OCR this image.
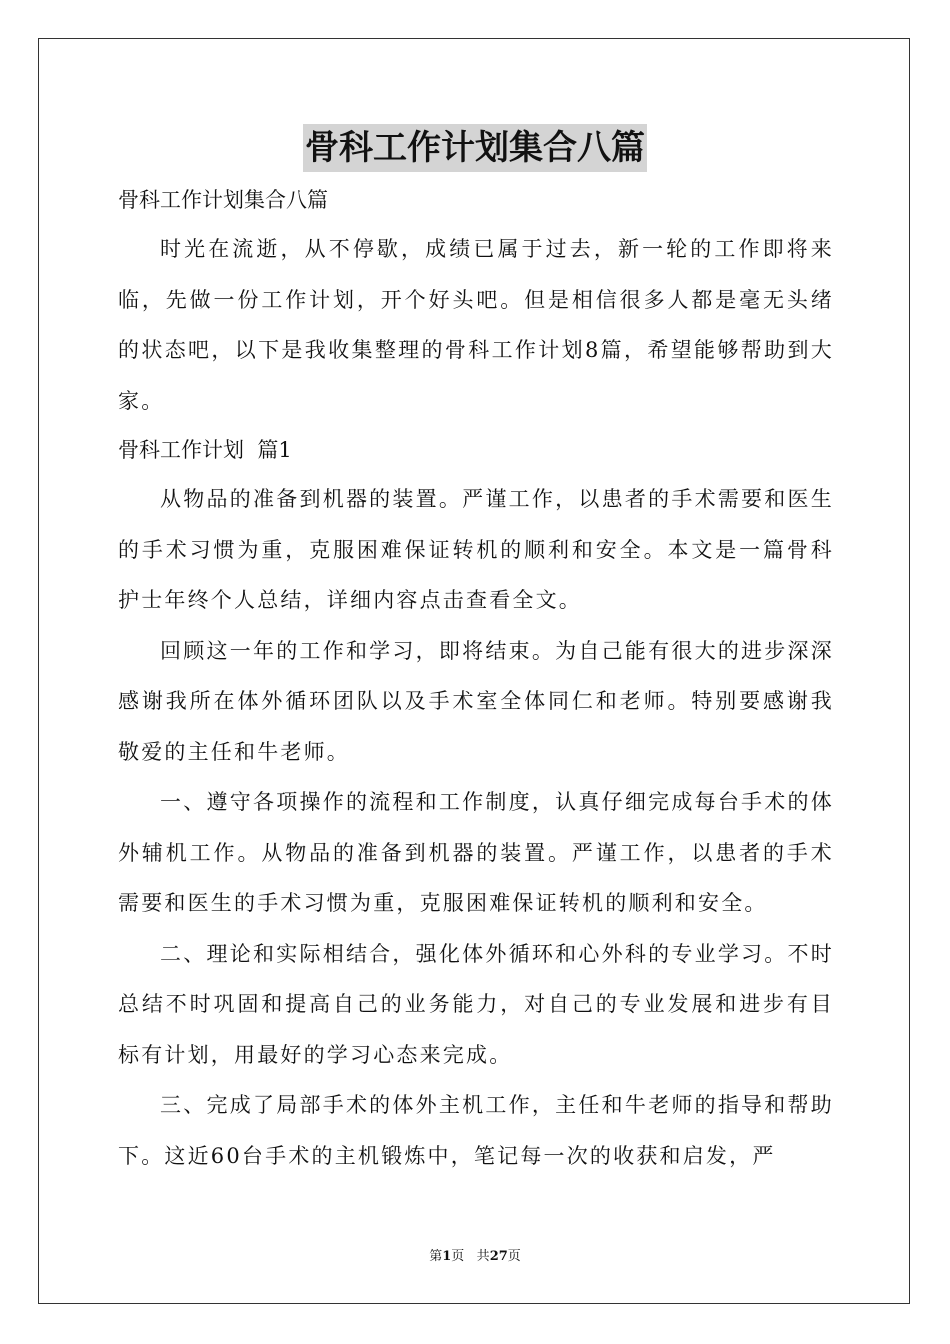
骨科工作计划集合八篇

骨科工作计划集合八篇

时光在流逝，从不停歇，成绩已属于过去，新一轮的工作即将来临，先做一份工作计划，开个好头吧。但是相信很多人都是毫无头绪的状态吧，以下是我收集整理的骨科工作计划8篇，希望能够帮助到大家。

骨科工作计划  篇1

从物品的准备到机器的装置。严谨工作，以患者的手术需要和医生的手术习惯为重，克服困难保证转机的顺利和安全。本文是一篇骨科护士年终个人总结，详细内容点击查看全文。

回顾这一年的工作和学习，即将结束。为自己能有很大的进步深深感谢我所在体外循环团队以及手术室全体同仁和老师。特别要感谢我敬爱的主任和牛老师。

一、遵守各项操作的流程和工作制度，认真仔细完成每台手术的体外辅机工作。从物品的准备到机器的装置。严谨工作，以患者的手术需要和医生的手术习惯为重，克服困难保证转机的顺利和安全。

二、理论和实际相结合，强化体外循环和心外科的专业学习。不时总结不时巩固和提高自己的业务能力，对自己的专业发展和进步有目标有计划，用最好的学习心态来完成。

三、完成了局部手术的体外主机工作，主任和牛老师的指导和帮助下。这近60台手术的主机锻炼中，笔记每一次的收获和启发，严

第1页 共27页
